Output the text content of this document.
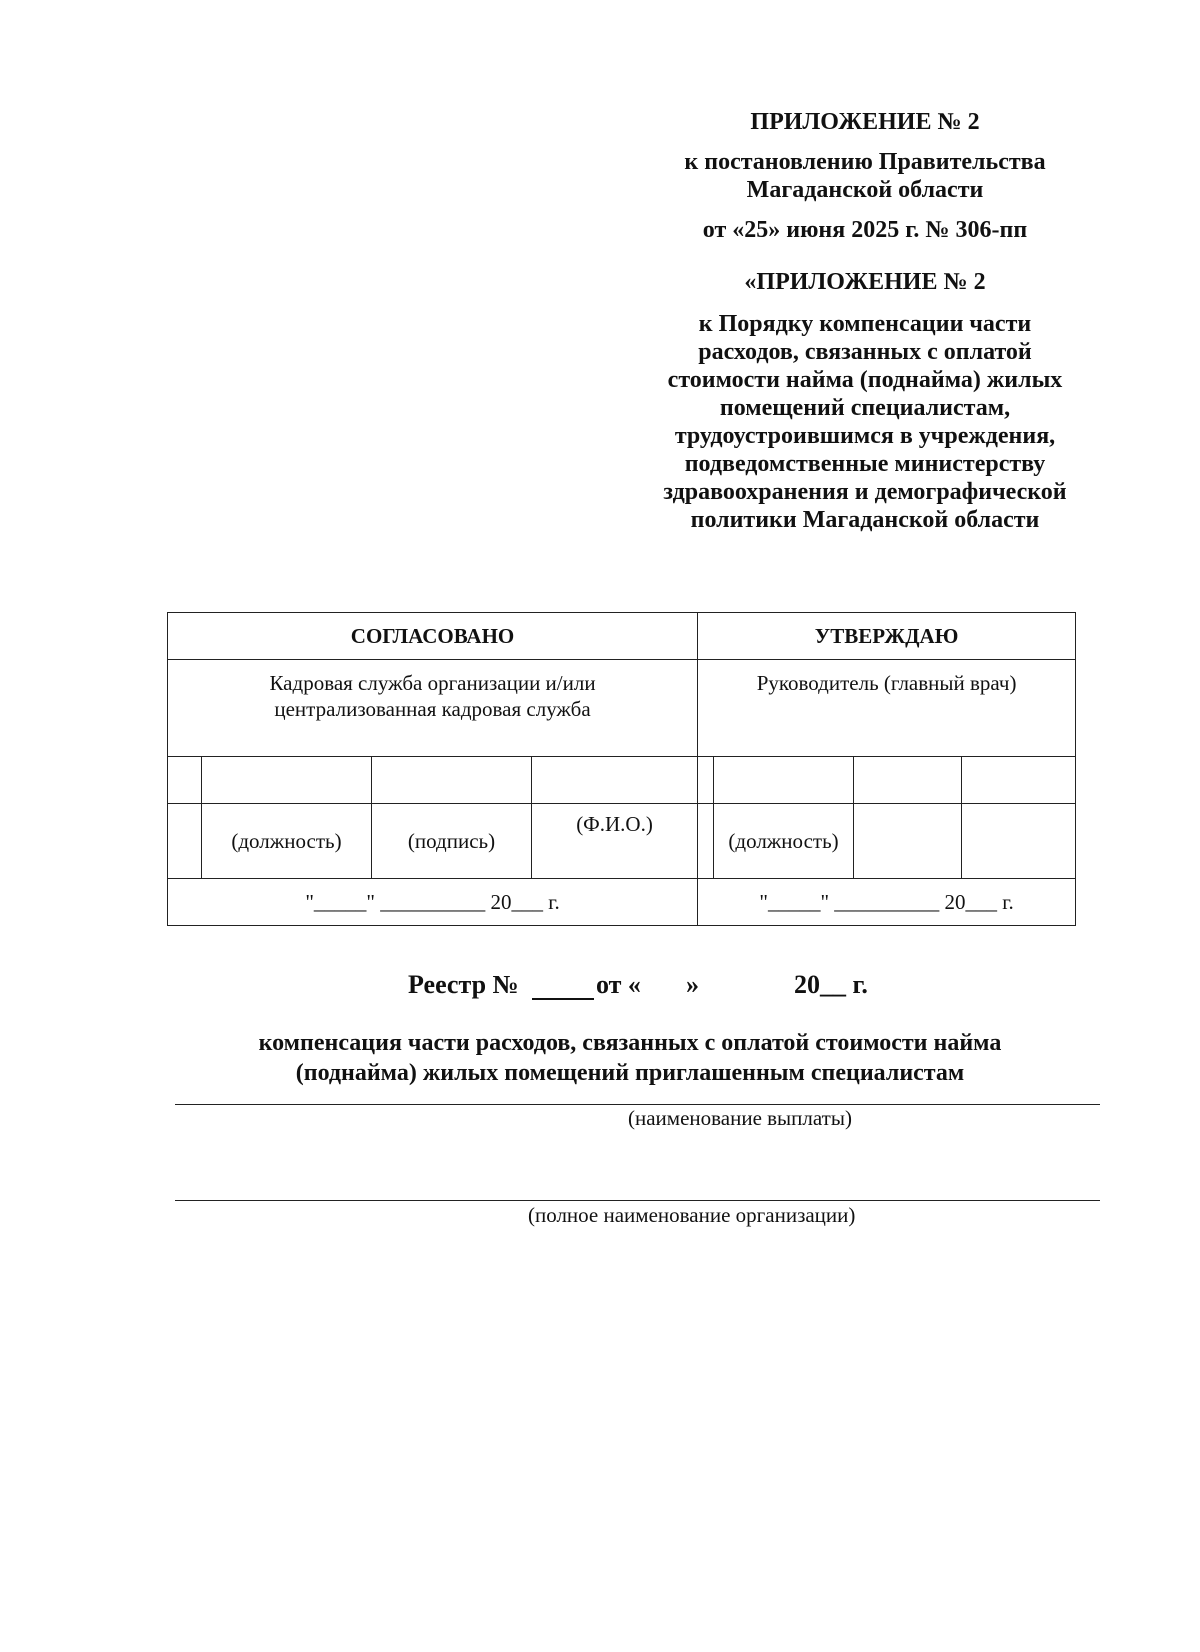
ПРИЛОЖЕНИЕ № 2
к постановлению Правительства
Магаданской области
от «25» июня 2025 г. № 306-пп
«ПРИЛОЖЕНИЕ № 2
к Порядку компенсации части
расходов, связанных с оплатой
стоимости найма (поднайма) жилых
помещений специалистам,
трудоустроившимся в учреждения,
подведомственные министерству
здравоохранения и демографической
политики Магаданской области
СОГЛАСОВАНО				УТВЕРЖДАЮ			

Кадровая служба организации и/или
централизованная кадровая служба				Руководитель (главный врач)			

	(должность)	(подпись)	(Ф.И.О.)		(должность)		
"_____" __________ 20___ г.				"_____" __________ 20___ г.			
Реестр №	от « »	20__ г.
компенсация части расходов, связанных с оплатой стоимости найма
(поднайма) жилых помещений приглашенным специалистам
(наименование выплаты)
(полное наименование организации)
